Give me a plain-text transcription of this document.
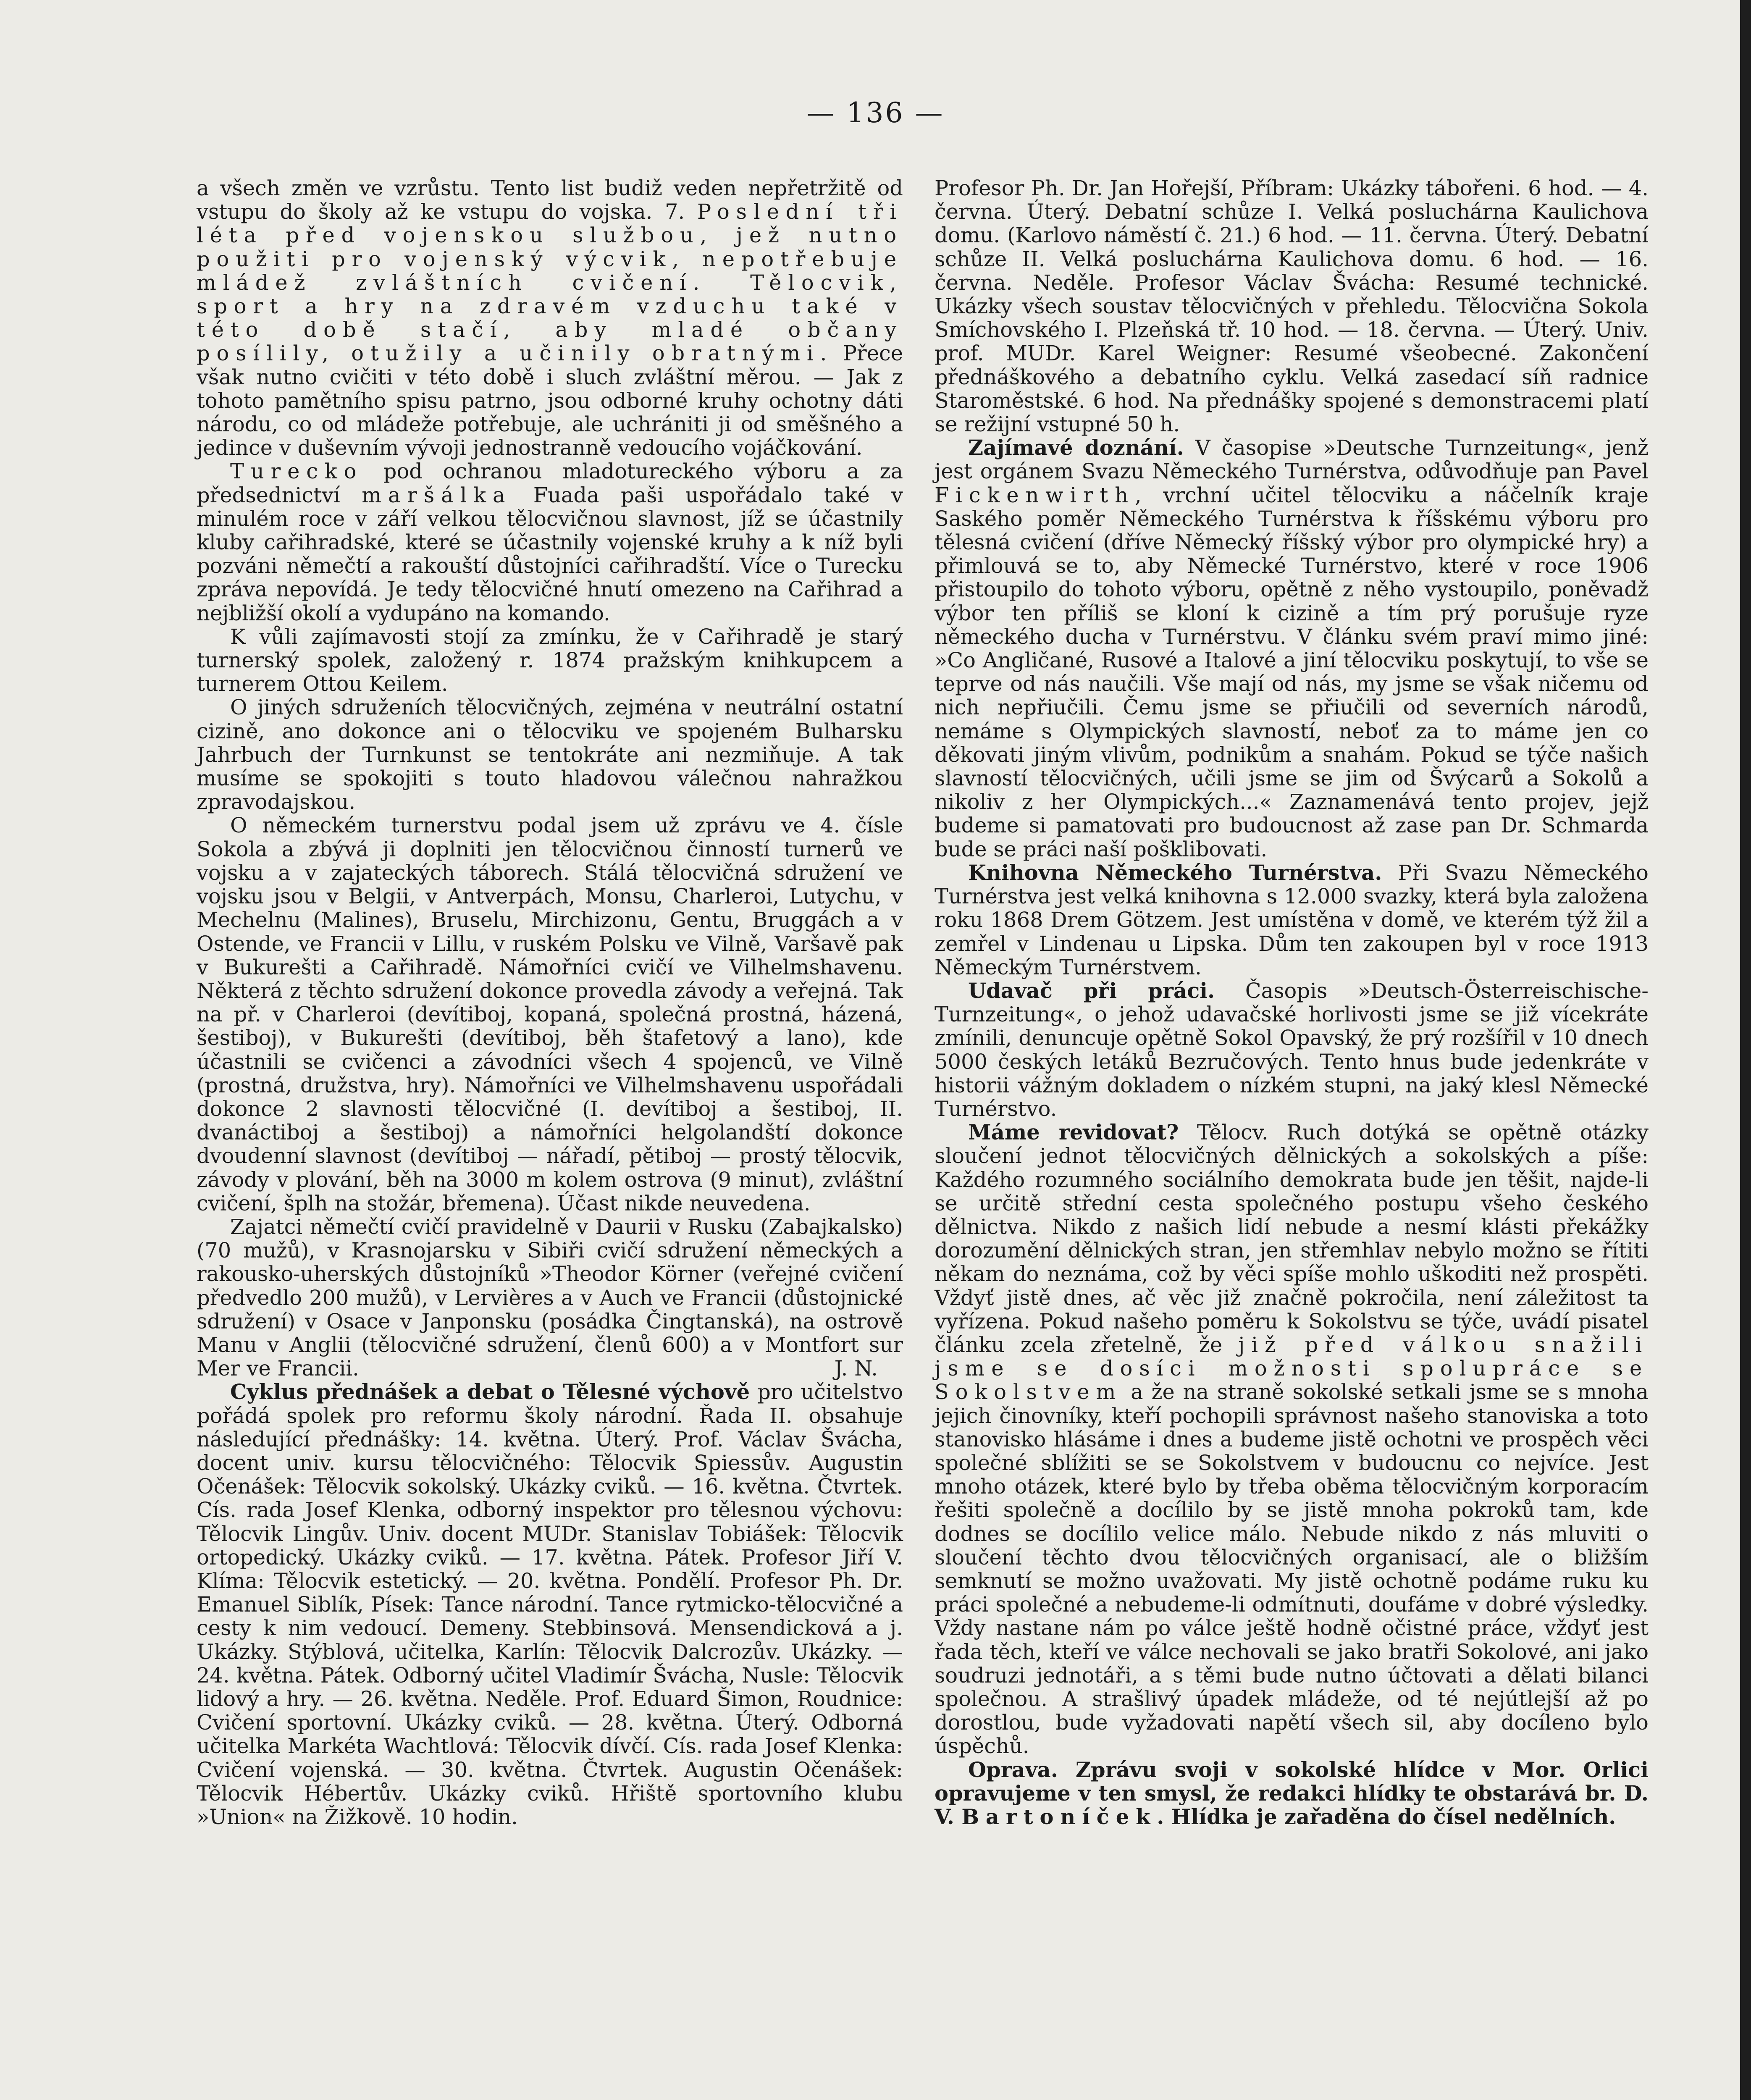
— 136 —

a všech změn ve vzrůstu. Tento list budiž veden nepřetržitě od vstupu do školy až ke vstupu do vojska. 7. Poslední tři léta před vojenskou službou, jež nutno použiti pro vojenský výcvik, nepotřebuje mládež zvláštních cvičení. Tělocvik, sport a hry na zdravém vzduchu také v této době stačí, aby mladé občany posílily, otužily a učinily obratnými. Přece však nutno cvičiti v této době i sluch zvláštní měrou. — Jak z tohoto pamětního spisu patrno, jsou odborné kruhy ochotny dáti národu, co od mládeže potřebuje, ale uchrániti ji od směšného a jedince v duševním vývoji jednostranně vedoucího vojáčkování.

Turecko pod ochranou mladotureckého výboru a za předsednictví maršálka Fuada paši uspořádalo také v minulém roce v září velkou tělocvičnou slavnost, jíž se účastnily kluby cařihradské, které se účastnily vojenské kruhy a k níž byli pozváni němečtí a rakouští důstojníci cařihradští. Více o Turecku zpráva nepovídá. Je tedy tělocvičné hnutí omezeno na Cařihrad a nejbližší okolí a vydupáno na komando.

K vůli zajímavosti stojí za zmínku, že v Cařihradě je starý turnerský spolek, založený r. 1874 pražským knihkupcem a turnerem Ottou Keilem.

O jiných sdruženích tělocvičných, zejména v neutrální ostatní cizině, ano dokonce ani o tělocviku ve spojeném Bulharsku Jahrbuch der Turnkunst se tentokráte ani nezmiňuje. A tak musíme se spokojiti s touto hladovou válečnou nahražkou zpravodajskou.

O německém turnerstvu podal jsem už zprávu ve 4. čísle Sokola a zbývá ji doplniti jen tělocvičnou činností turnerů ve vojsku a v zajateckých táborech. Stálá tělocvičná sdružení ve vojsku jsou v Belgii, v Antverpách, Monsu, Charleroi, Lutychu, v Mechelnu (Malines), Bruselu, Mirchizonu, Gentu, Bruggách a v Ostende, ve Francii v Lillu, v ruském Polsku ve Vilně, Varšavě pak v Bukurešti a Cařihradě. Námořníci cvičí ve Vilhelmshavenu. Některá z těchto sdružení dokonce provedla závody a veřejná. Tak na př. v Charleroi (devítiboj, kopaná, společná prostná, házená, šestiboj), v Bukurešti (devítiboj, běh štafetový a lano), kde účastnili se cvičenci a závodníci všech 4 spojenců, ve Vilně (prostná, družstva, hry). Námořníci ve Vilhelmshavenu uspořádali dokonce 2 slavnosti tělocvičné (I. devítiboj a šestiboj, II. dvanáctiboj a šestiboj) a námořníci helgolandští dokonce dvoudenní slavnost (devítiboj — nářadí, pětiboj — prostý tělocvik, závody v plování, běh na 3000 m kolem ostrova (9 minut), zvláštní cvičení, šplh na stožár, břemena). Účast nikde neuvedena.

Zajatci němečtí cvičí pravidelně v Daurii v Rusku (Zabajkalsko) (70 mužů), v Krasnojarsku v Sibiři cvičí sdružení německých a rakousko-uherských důstojníků »Theodor Körner (veřejné cvičení předvedlo 200 mužů), v Lervières a v Auch ve Francii (důstojnické sdružení) v Osace v Janponsku (posádka Čingtanská), na ostrově Manu v Anglii (tělocvičné sdružení, členů 600) a v Montfort sur Mer ve Francii.	J. N.

Cyklus přednášek a debat o Tělesné výchově pro učitelstvo pořádá spolek pro reformu školy národní. Řada II. obsahuje následující přednášky: 14. května. Úterý. Prof. Václav Švácha, docent univ. kursu tělocvičného: Tělocvik Spiessův. Augustin Očenášek: Tělocvik sokolský. Ukázky cviků. — 16. května. Čtvrtek. Cís. rada Josef Klenka, odborný inspektor pro tělesnou výchovu: Tělocvik Lingův. Univ. docent MUDr. Stanislav Tobiášek: Tělocvik ortopedický. Ukázky cviků. — 17. května. Pátek. Profesor Jiří V. Klíma: Tělocvik estetický. — 20. května. Pondělí. Profesor Ph. Dr. Emanuel Siblík, Písek: Tance národní. Tance rytmicko-tělocvičné a cesty k nim vedoucí. Demeny. Stebbinsová. Mensendicková a j. Ukázky. Stýblová, učitelka, Karlín: Tělocvik Dalcrozův. Ukázky. — 24. května. Pátek. Odborný učitel Vladimír Švácha, Nusle: Tělocvik lidový a hry. — 26. května. Neděle. Prof. Eduard Šimon, Roudnice: Cvičení sportovní. Ukázky cviků. — 28. května. Úterý. Odborná učitelka Markéta Wachtlová: Tělocvik dívčí. Cís. rada Josef Klenka: Cvičení vojenská. — 30. května. Čtvrtek. Augustin Očenášek: Tělocvik Hébertův. Ukázky cviků. Hřiště sportovního klubu »Union« na Žižkově. 10 hodin.

Profesor Ph. Dr. Jan Hořejší, Příbram: Ukázky tábořeni. 6 hod. — 4. června. Úterý. Debatní schůze I. Velká posluchárna Kaulichova domu. (Karlovo náměstí č. 21.) 6 hod. — 11. června. Úterý. Debatní schůze II. Velká posluchárna Kaulichova domu. 6 hod. — 16. června. Neděle. Profesor Václav Švácha: Resumé technické. Ukázky všech soustav tělocvičných v přehledu. Tělocvična Sokola Smíchovského I. Plzeňská tř. 10 hod. — 18. června. — Úterý. Univ. prof. MUDr. Karel Weigner: Resumé všeobecné. Zakončení přednáškového a debatního cyklu. Velká zasedací síň radnice Staroměstské. 6 hod. Na přednášky spojené s demonstracemi platí se režijní vstupné 50 h.

Zajímavé doznání. V časopise »Deutsche Turnzeitung«, jenž jest orgánem Svazu Německého Turnérstva, odůvodňuje pan Pavel Fickenwirth, vrchní učitel tělocviku a náčelník kraje Saského poměr Německého Turnérstva k říšskému výboru pro tělesná cvičení (dříve Německý říšský výbor pro olympické hry) a přimlouvá se to, aby Německé Turnérstvo, které v roce 1906 přistoupilo do tohoto výboru, opětně z něho vystoupilo, poněvadž výbor ten příliš se kloní k cizině a tím prý porušuje ryze německého ducha v Turnérstvu. V článku svém praví mimo jiné: »Co Angličané, Rusové a Italové a jiní tělocviku poskytují, to vše se teprve od nás naučili. Vše mají od nás, my jsme se však ničemu od nich nepřiučili. Čemu jsme se přiučili od severních národů, nemáme s Olympických slavností, neboť za to máme jen co děkovati jiným vlivům, podnikům a snahám. Pokud se týče našich slavností tělocvičných, učili jsme se jim od Švýcarů a Sokolů a nikoliv z her Olympických...« Zaznamenává tento projev, jejž budeme si pamatovati pro budoucnost až zase pan Dr. Schmarda bude se práci naší pošklibovati.

Knihovna Německého Turnérstva. Při Svazu Německého Turnérstva jest velká knihovna s 12.000 svazky, která byla založena roku 1868 Drem Götzem. Jest umístěna v domě, ve kterém týž žil a zemřel v Lindenau u Lipska. Dům ten zakoupen byl v roce 1913 Německým Turnérstvem.

Udavač při práci. Časopis »Deutsch-Österreischische-Turnzeitung«, o jehož udavačské horlivosti jsme se již vícekráte zmínili, denuncuje opětně Sokol Opavský, že prý rozšířil v 10 dnech 5000 českých letáků Bezručových. Tento hnus bude jedenkráte v historii vážným dokladem o nízkém stupni, na jaký klesl Německé Turnérstvo.

Máme revidovat? Tělocv. Ruch dotýká se opětně otázky sloučení jednot tělocvičných dělnických a sokolských a píše: Každého rozumného sociálního demokrata bude jen těšit, najde-li se určitě střední cesta společného postupu všeho českého dělnictva. Nikdo z našich lidí nebude a nesmí klásti překážky dorozumění dělnických stran, jen střemhlav nebylo možno se řítiti někam do neznáma, což by věci spíše mohlo uškoditi než prospěti. Vždyť jistě dnes, ač věc již značně pokročila, není záležitost ta vyřízena. Pokud našeho poměru k Sokolstvu se týče, uvádí pisatel článku zcela zřetelně, že již před válkou snažili jsme se dosíci možnosti spolupráce se Sokolstvem a že na straně sokolské setkali jsme se s mnoha jejich činovníky, kteří pochopili správnost našeho stanoviska a toto stanovisko hlásáme i dnes a budeme jistě ochotni ve prospěch věci společné sblížiti se se Sokolstvem v budoucnu co nejvíce. Jest mnoho otázek, které bylo by třeba oběma tělocvičným korporacím řešiti společně a docílilo by se jistě mnoha pokroků tam, kde dodnes se docílilo velice málo. Nebude nikdo z nás mluviti o sloučení těchto dvou tělocvičných organisací, ale o bližším semknutí se možno uvažovati. My jistě ochotně podáme ruku ku práci společné a nebudeme-li odmítnuti, doufáme v dobré výsledky. Vždy nastane nám po válce ještě hodně očistné práce, vždyť jest řada těch, kteří ve válce nechovali se jako bratři Sokolové, ani jako soudruzi jednotáři, a s těmi bude nutno účtovati a dělati bilanci společnou. A strašlivý úpadek mládeže, od té nejútlejší až po dorostlou, bude vyžadovati napětí všech sil, aby docíleno bylo úspěchů.

Oprava. Zprávu svoji v sokolské hlídce v Mor. Orlici opravujeme v ten smysl, že redakci hlídky te obstarává br. D. V. Bartoníček. Hlídka je zařaděna do čísel nedělních.
